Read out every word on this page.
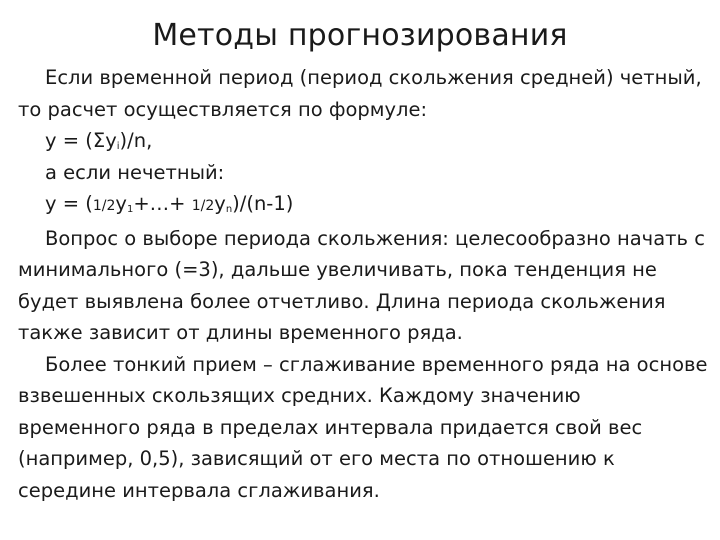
Методы прогнозирования

Если временной период (период скольжения средней) четный, то расчет осуществляется по формуле:

$y = (\Sigma y_i)/n$,

а если нечетный:

$y = (1/2y_1+\dots+ 1/2y_n)/(n-1)$

Вопрос о выборе периода скольжения: целесообразно начать с минимального (=3), дальше увеличивать, пока тенденция не будет выявлена более отчетливо. Длина периода скольжения также зависит от длины временного ряда.

Более тонкий прием – сглаживание временного ряда на основе взвешенных скользящих средних. Каждому значению временного ряда в пределах интервала придается свой вес (например, 0,5), зависящий от его места по отношению к середине интервала сглаживания.
